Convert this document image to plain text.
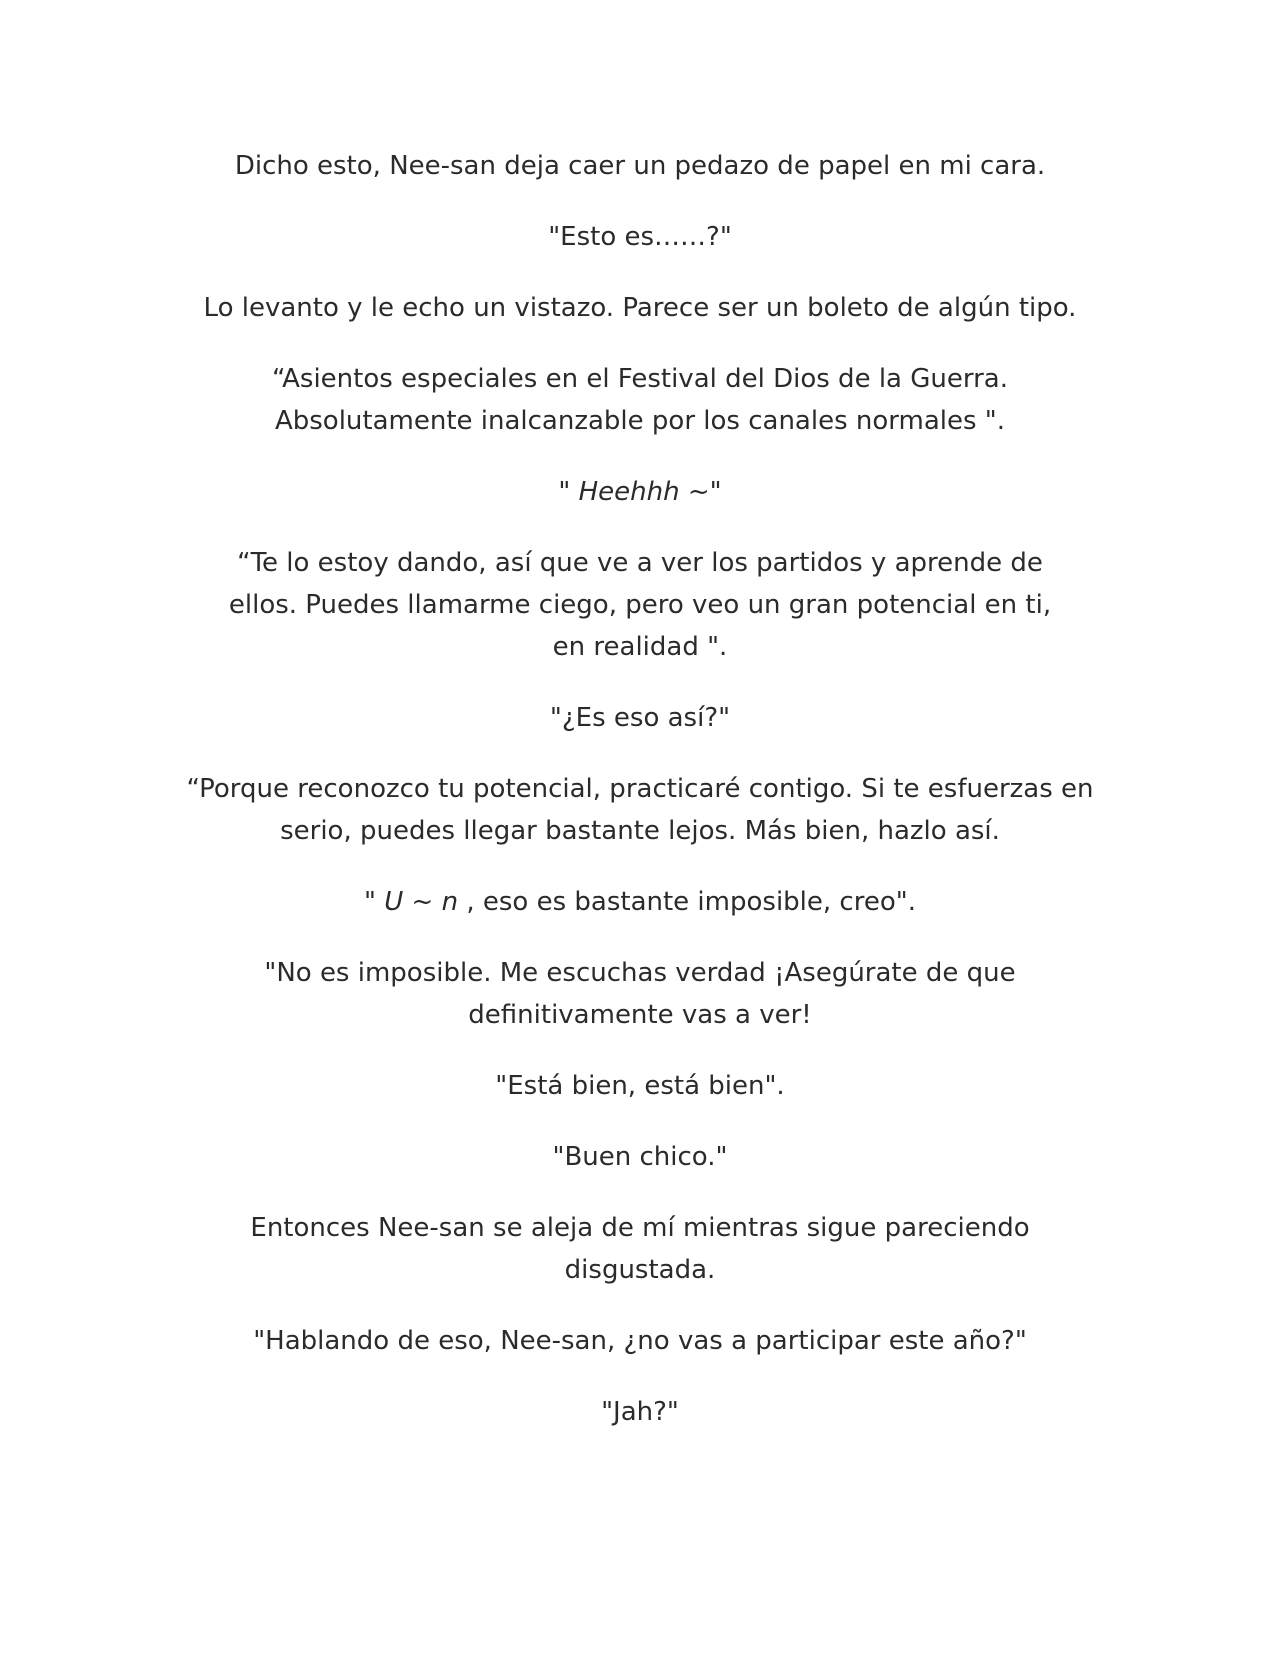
Dicho esto, Nee-san deja caer un pedazo de papel en mi cara.

"Esto es……?"

Lo levanto y le echo un vistazo. Parece ser un boleto de algún tipo.

“Asientos especiales en el Festival del Dios de la Guerra. Absolutamente inalcanzable por los canales normales ".

" Heehhh ~"

“Te lo estoy dando, así que ve a ver los partidos y aprende de ellos. Puedes llamarme ciego, pero veo un gran potencial en ti, en realidad ".

"¿Es eso así?"

“Porque reconozco tu potencial, practicaré contigo. Si te esfuerzas en serio, puedes llegar bastante lejos. Más bien, hazlo así.

" U ~ n , eso es bastante imposible, creo".

"No es imposible. Me escuchas verdad ¡Asegúrate de que definitivamente vas a ver!

"Está bien, está bien".

"Buen chico."

Entonces Nee-san se aleja de mí mientras sigue pareciendo disgustada.

"Hablando de eso, Nee-san, ¿no vas a participar este año?"

"Jah?"
